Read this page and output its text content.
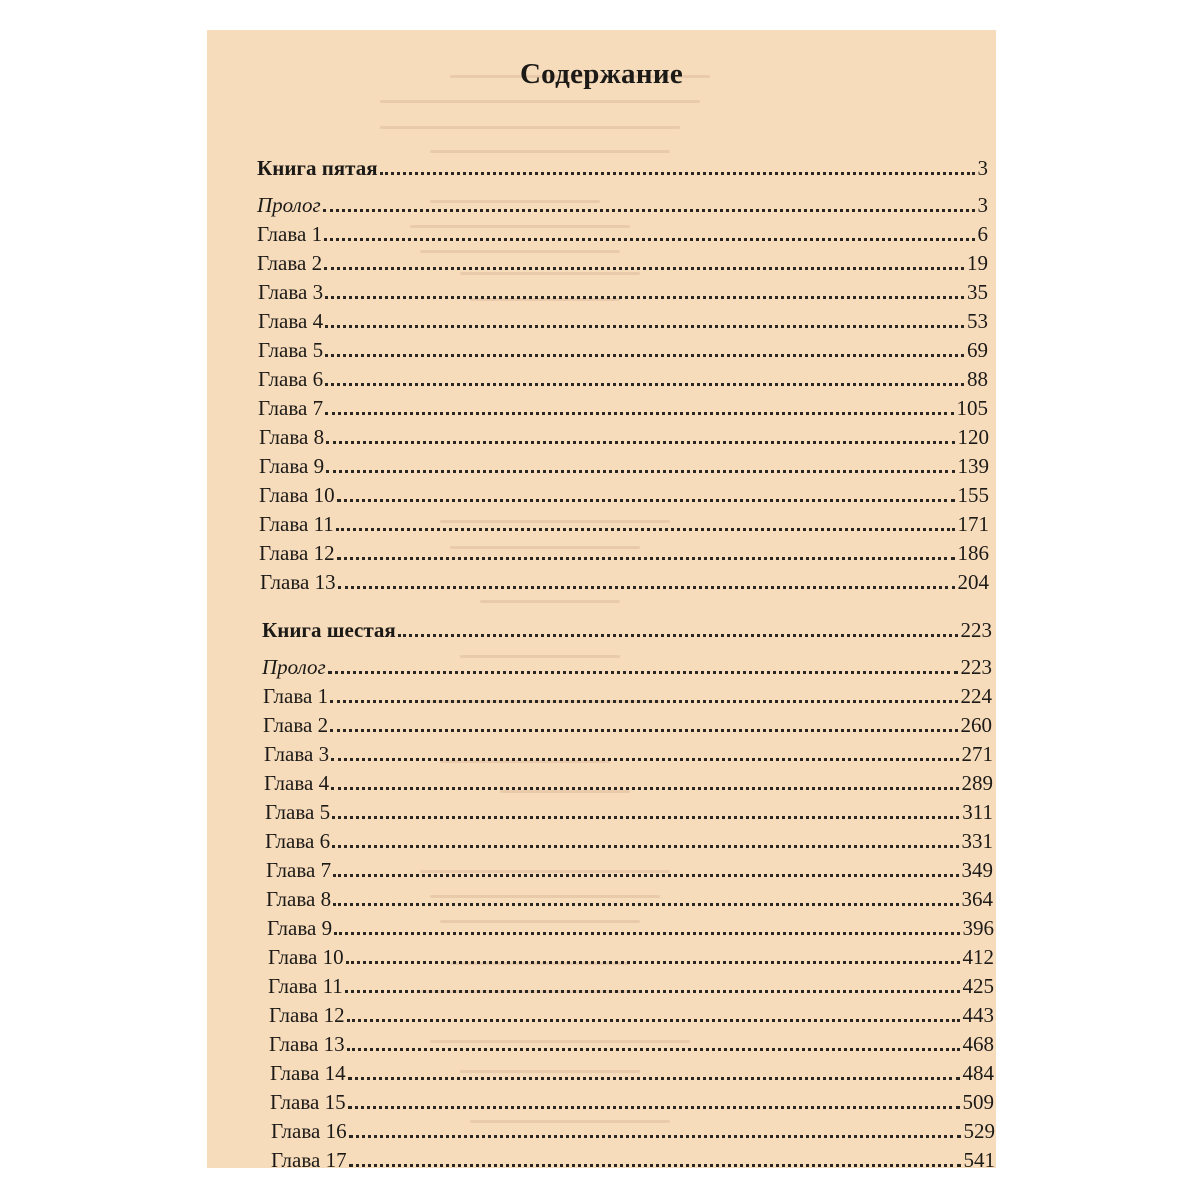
Содержание
Книга пятая	3
Пролог	3
Глава 1	6
Глава 2	19
Глава 3	35
Глава 4	53
Глава 5	69
Глава 6	88
Глава 7	105
Глава 8	120
Глава 9	139
Глава 10	155
Глава 11	171
Глава 12	186
Глава 13	204
Книга шестая	223
Пролог	223
Глава 1	224
Глава 2	260
Глава 3	271
Глава 4	289
Глава 5	311
Глава 6	331
Глава 7	349
Глава 8	364
Глава 9	396
Глава 10	412
Глава 11	425
Глава 12	443
Глава 13	468
Глава 14	484
Глава 15	509
Глава 16	529
Глава 17	541
